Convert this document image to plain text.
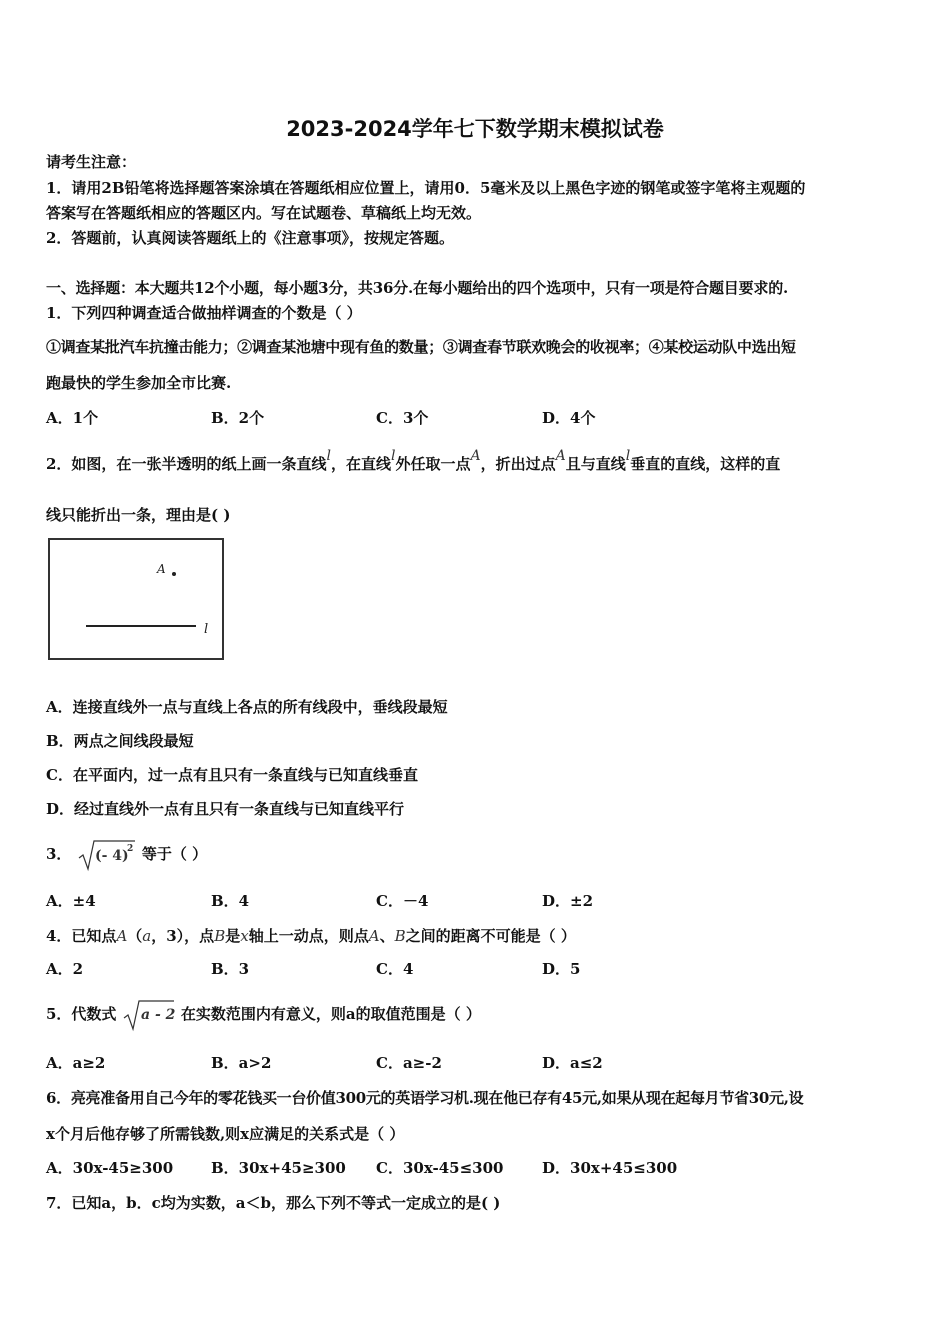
2023-2024学年七下数学期末模拟试卷
请考生注意：
1．请用2B铅笔将选择题答案涂填在答题纸相应位置上，请用0．5毫米及以上黑色字迹的钢笔或签字笔将主观题的
答案写在答题纸相应的答题区内。写在试题卷、草稿纸上均无效。
2．答题前，认真阅读答题纸上的《注意事项》，按规定答题。
一、选择题：本大题共12个小题，每小题3分，共36分.在每小题给出的四个选项中，只有一项是符合题目要求的.
1．下列四种调查适合做抽样调查的个数是（ ）
①调查某批汽车抗撞击能力；②调查某池塘中现有鱼的数量；③调查春节联欢晚会的收视率；④某校运动队中选出短
跑最快的学生参加全市比赛.
A．1个	B．2个	C．3个	D．4个
2．如图，在一张半透明的纸上画一条直线l，在直线l外任取一点A，折出过点A且与直线l垂直的直线，这样的直
线只能折出一条，理由是( )
A
l
A．连接直线外一点与直线上各点的所有线段中，垂线段最短
B．两点之间线段最短
C．在平面内，过一点有且只有一条直线与已知直线垂直
D．经过直线外一点有且只有一条直线与已知直线平行
3． (- 4)
2 等于（ ）
A．±4	B．4	C．－4	D．±2
4．已知点A（a，3），点B是x轴上一动点，则点A、B之间的距离不可能是（ ）
A．2	B．3	C．4	D．5
5．代数式 a - 2 在实数范围内有意义，则a的取值范围是（ ）
A．a≥2	B．a>2	C．a≥-2	D．a≤2
6．亮亮准备用自己今年的零花钱买一台价值300元的英语学习机.现在他已存有45元,如果从现在起每月节省30元,设
x个月后他存够了所需钱数,则x应满足的关系式是（ ）
A．30x-45≥300	B．30x+45≥300 C．30x-45≤300	D．30x+45≤300
7．已知a，b．c均为实数，a＜b，那么下列不等式一定成立的是( )
